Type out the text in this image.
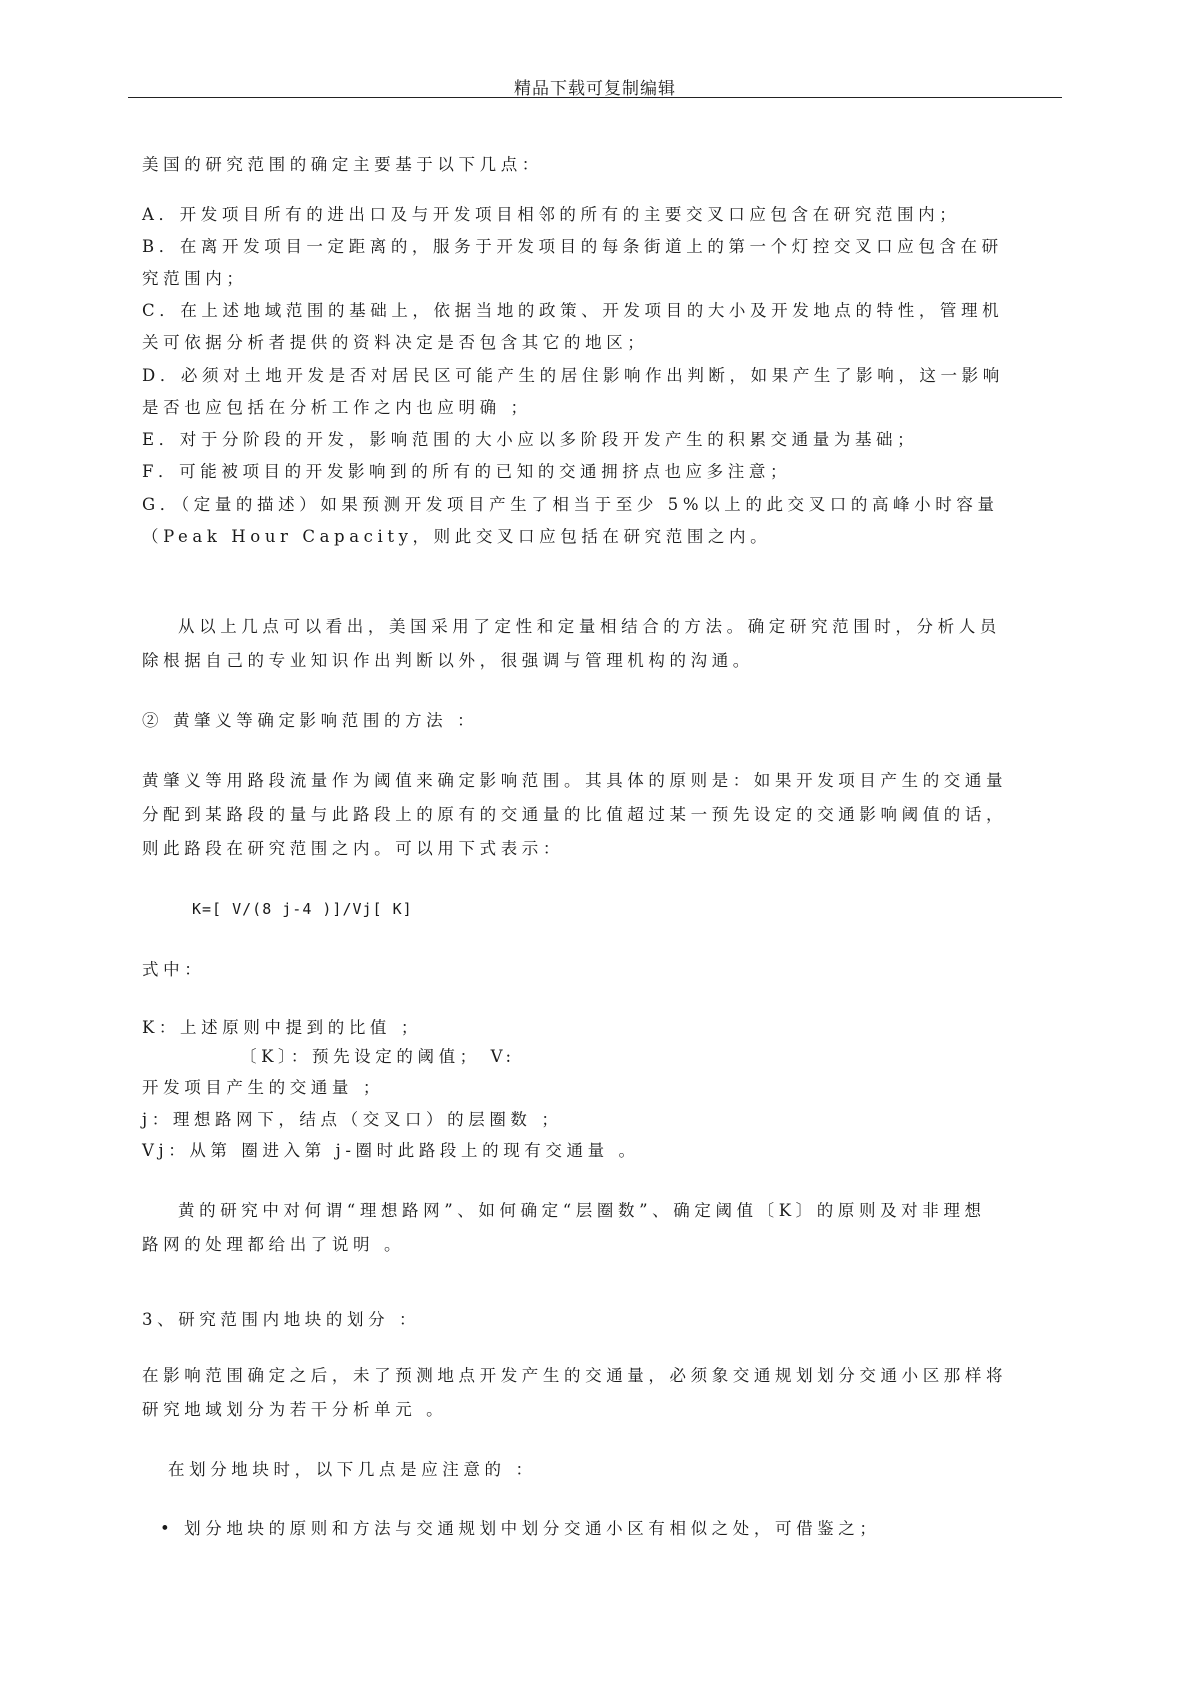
精品下载可复制编辑
美国的研究范围的确定主要基于以下几点：
A．开发项目所有的进出口及与开发项目相邻的所有的主要交叉口应包含在研究范围内；
B．在离开发项目一定距离的，服务于开发项目的每条街道上的第一个灯控交叉口应包含在研
究范围内；
C．在上述地域范围的基础上，依据当地的政策、开发项目的大小及开发地点的特性，管理机
关可依据分析者提供的资料决定是否包含其它的地区；
D．必须对土地开发是否对居民区可能产生的居住影响作出判断，如果产生了影响，这一影响
是否也应包括在分析工作之内也应明确 ；
E．对于分阶段的开发，影响范围的大小应以多阶段开发产生的积累交通量为基础；
F．可能被项目的开发影响到的所有的已知的交通拥挤点也应多注意；
G．（定量的描述）如果预测开发项目产生了相当于至少 5%以上的此交叉口的高峰小时容量
（Peak Hour Capacity，则此交叉口应包括在研究范围之内。
从以上几点可以看出，美国采用了定性和定量相结合的方法。确定研究范围时，分析人员
除根据自己的专业知识作出判断以外，很强调与管理机构的沟通。
② 黄肇义等确定影响范围的方法 ：
黄肇义等用路段流量作为阈值来确定影响范围。其具体的原则是：如果开发项目产生的交通量
分配到某路段的量与此路段上的原有的交通量的比值超过某一预先设定的交通影响阈值的话，
则此路段在研究范围之内。可以用下式表示：
K=[ V/(8 j-4 )]/Vj[ K]
式中：
K：上述原则中提到的比值 ；
〔K〕：预先设定的阈值； V:
开发项目产生的交通量 ；
j：理想路网下，结点（交叉口）的层圈数 ；
Vj：从第 圈进入第 j-圈时此路段上的现有交通量 。
黄的研究中对何谓“理想路网”、如何确定“层圈数”、确定阈值〔K〕的原则及对非理想
路网的处理都给出了说明 。
3、研究范围内地块的划分 ：
在影响范围确定之后，未了预测地点开发产生的交通量，必须象交通规划划分交通小区那样将
研究地域划分为若干分析单元 。
在划分地块时，以下几点是应注意的 ：
• 划分地块的原则和方法与交通规划中划分交通小区有相似之处，可借鉴之；
